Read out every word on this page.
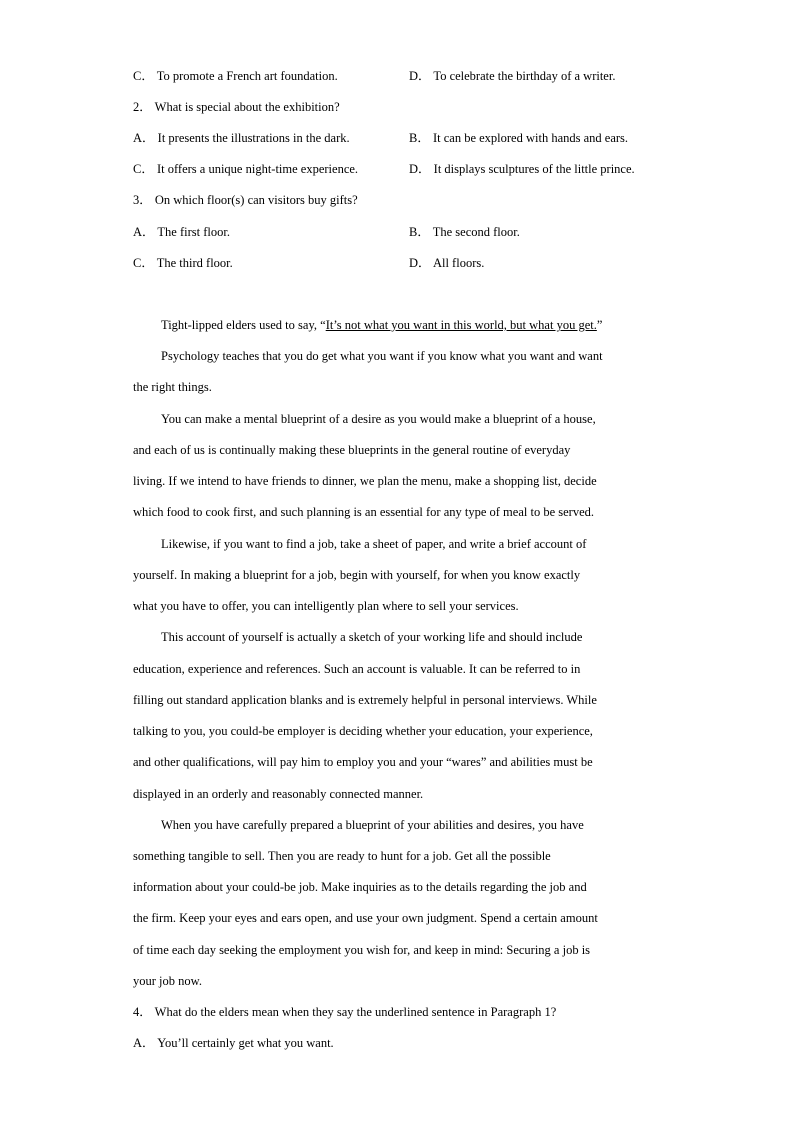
C． To promote a French art foundation.	D． To celebrate the birthday of a writer.
2． What is special about the exhibition?
A． It presents the illustrations in the dark.	B． It can be explored with hands and ears.
C． It offers a unique night-time experience.	D． It displays sculptures of the little prince.
3． On which floor(s) can visitors buy gifts?
A． The first floor.	B． The second floor.
C． The third floor.	D． All floors.
Tight-lipped elders used to say, “It’s not what you want in this world, but what you get.”
Psychology teaches that you do get what you want if you know what you want and want
the right things.
You can make a mental blueprint of a desire as you would make a blueprint of a house,
and each of us is continually making these blueprints in the general routine of everyday
living. If we intend to have friends to dinner, we plan the menu, make a shopping list, decide
which food to cook first, and such planning is an essential for any type of meal to be served.
Likewise, if you want to find a job, take a sheet of paper, and write a brief account of
yourself. In making a blueprint for a job, begin with yourself, for when you know exactly
what you have to offer, you can intelligently plan where to sell your services.
This account of yourself is actually a sketch of your working life and should include
education, experience and references. Such an account is valuable. It can be referred to in
filling out standard application blanks and is extremely helpful in personal interviews. While
talking to you, you could-be employer is deciding whether your education, your experience,
and other qualifications, will pay him to employ you and your “wares” and abilities must be
displayed in an orderly and reasonably connected manner.
When you have carefully prepared a blueprint of your abilities and desires, you have
something tangible to sell. Then you are ready to hunt for a job. Get all the possible
information about your could-be job. Make inquiries as to the details regarding the job and
the firm. Keep your eyes and ears open, and use your own judgment. Spend a certain amount
of time each day seeking the employment you wish for, and keep in mind: Securing a job is
your job now.
4． What do the elders mean when they say the underlined sentence in Paragraph 1?
A． You’ll certainly get what you want.
